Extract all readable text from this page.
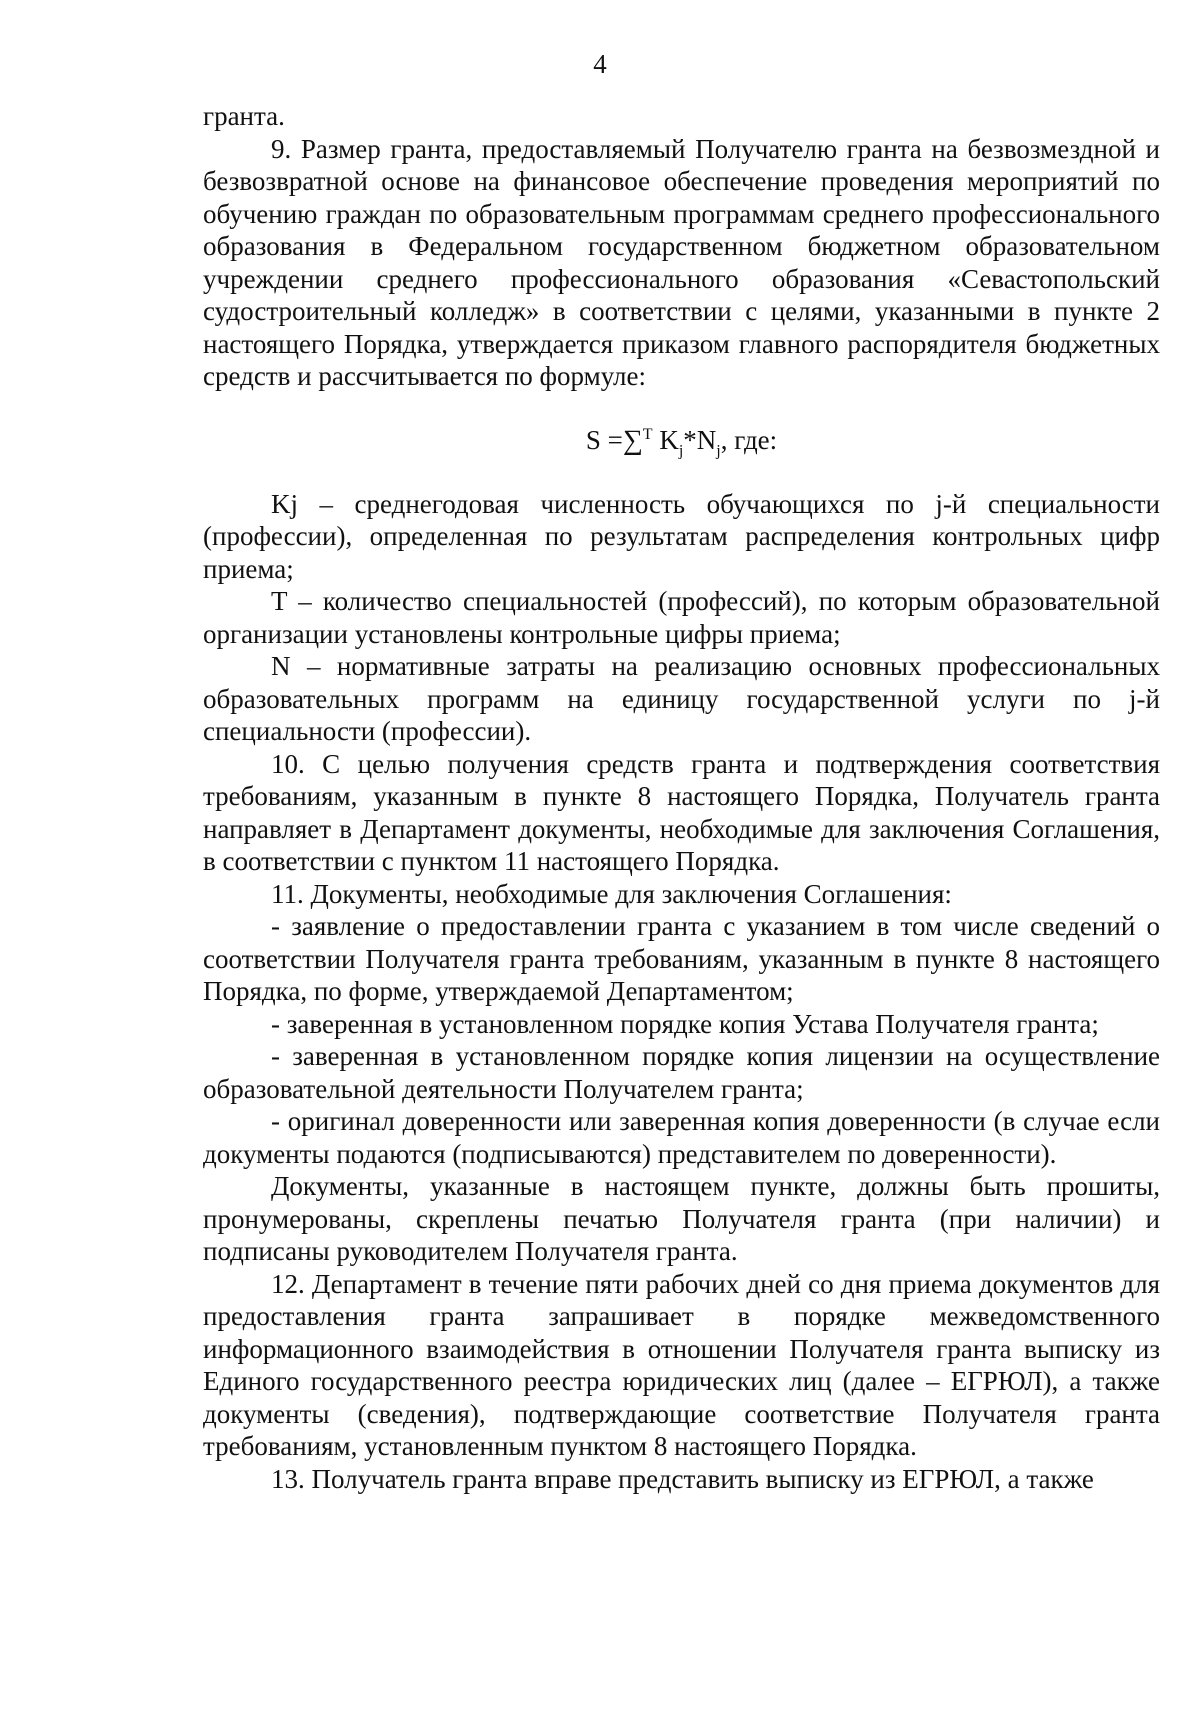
4

гранта.

9. Размер гранта, предоставляемый Получателю гранта на безвозмездной и безвозвратной основе на финансовое обеспечение проведения мероприятий по обучению граждан по образовательным программам среднего профессионального образования в Федеральном государственном бюджетном образовательном учреждении среднего профессионального образования «Севастопольский судостроительный колледж» в соответствии с целями, указанными в пункте 2 настоящего Порядка, утверждается приказом главного распорядителя бюджетных средств и рассчитывается по формуле:

S =∑$^T$ $K_j*N_j$, где:

Kj – среднегодовая численность обучающихся по j-й специальности (профессии), определенная по результатам распределения контрольных цифр приема;

T – количество специальностей (профессий), по которым образовательной организации установлены контрольные цифры приема;

N – нормативные затраты на реализацию основных профессиональных образовательных программ на единицу государственной услуги по j-й специальности (профессии).

10. С целью получения средств гранта и подтверждения соответствия требованиям, указанным в пункте 8 настоящего Порядка, Получатель гранта направляет в Департамент документы, необходимые для заключения Соглашения, в соответствии с пунктом 11 настоящего Порядка.

11. Документы, необходимые для заключения Соглашения:

- заявление о предоставлении гранта с указанием в том числе сведений о соответствии Получателя гранта требованиям, указанным в пункте 8 настоящего Порядка, по форме, утверждаемой Департаментом;

- заверенная в установленном порядке копия Устава Получателя гранта;

- заверенная в установленном порядке копия лицензии на осуществление образовательной деятельности Получателем гранта;

- оригинал доверенности или заверенная копия доверенности (в случае если документы подаются (подписываются) представителем по доверенности).

Документы, указанные в настоящем пункте, должны быть прошиты, пронумерованы, скреплены печатью Получателя гранта (при наличии) и подписаны руководителем Получателя гранта.

12. Департамент в течение пяти рабочих дней со дня приема документов для предоставления гранта запрашивает в порядке межведомственного информационного взаимодействия в отношении Получателя гранта выписку из Единого государственного реестра юридических лиц (далее – ЕГРЮЛ), а также документы (сведения), подтверждающие соответствие Получателя гранта требованиям, установленным пунктом 8 настоящего Порядка.

13. Получатель гранта вправе представить выписку из ЕГРЮЛ, а также
